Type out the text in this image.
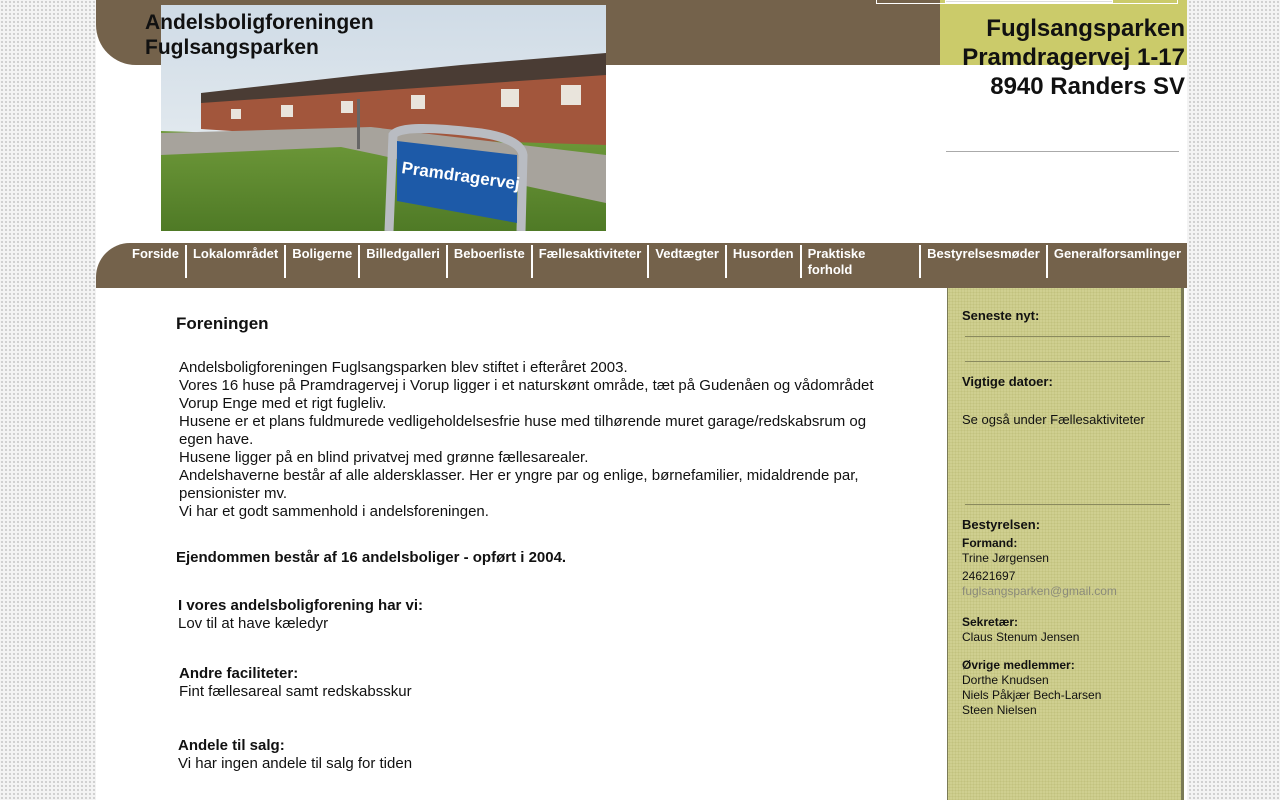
Pramdragervej
Andelsboligforeningen
Fuglsangsparken
Fuglsangsparken
Pramdragervej 1-17
8940 Randers SV
Forside Lokalområdet Boligerne Billedgalleri Beboerliste Fællesaktiviteter Vedtægter Husorden Praktiske forhold
Bestyrelsesmøder Generalforsamlinger
Foreningen

Andelsboligforeningen Fuglsangsparken blev stiftet i efteråret 2003.

Vores 16 huse på Pramdragervej i Vorup ligger i et naturskønt område, tæt på Gudenåen og vådområdet Vorup Enge med et rigt fugleliv.

Husene er et plans fuldmurede vedligeholdelsesfrie huse med tilhørende muret garage/redskabsrum og egen have.

Husene ligger på en blind privatvej med grønne fællesarealer.

Andelshaverne består af alle aldersklasser. Her er yngre par og enlige, børnefamilier, midaldrende par, pensionister mv.

Vi har et godt sammenhold i andelsforeningen.

Ejendommen består af 16 andelsboliger - opført i 2004.
I vores andelsboligforening har vi:
Lov til at have kæledyr
Andre faciliteter:
Fint fællesareal samt redskabsskur
Andele til salg:
Vi har ingen andele til salg for tiden
Seneste nyt:
Vigtige datoer:
Se også under Fællesaktiviteter
Bestyrelsen:
Formand:
Trine Jørgensen
24621697
fuglsangsparken@gmail.com
Sekretær:
Claus Stenum Jensen
Øvrige medlemmer:
Dorthe Knudsen
Niels Påkjær Bech-Larsen
Steen Nielsen
